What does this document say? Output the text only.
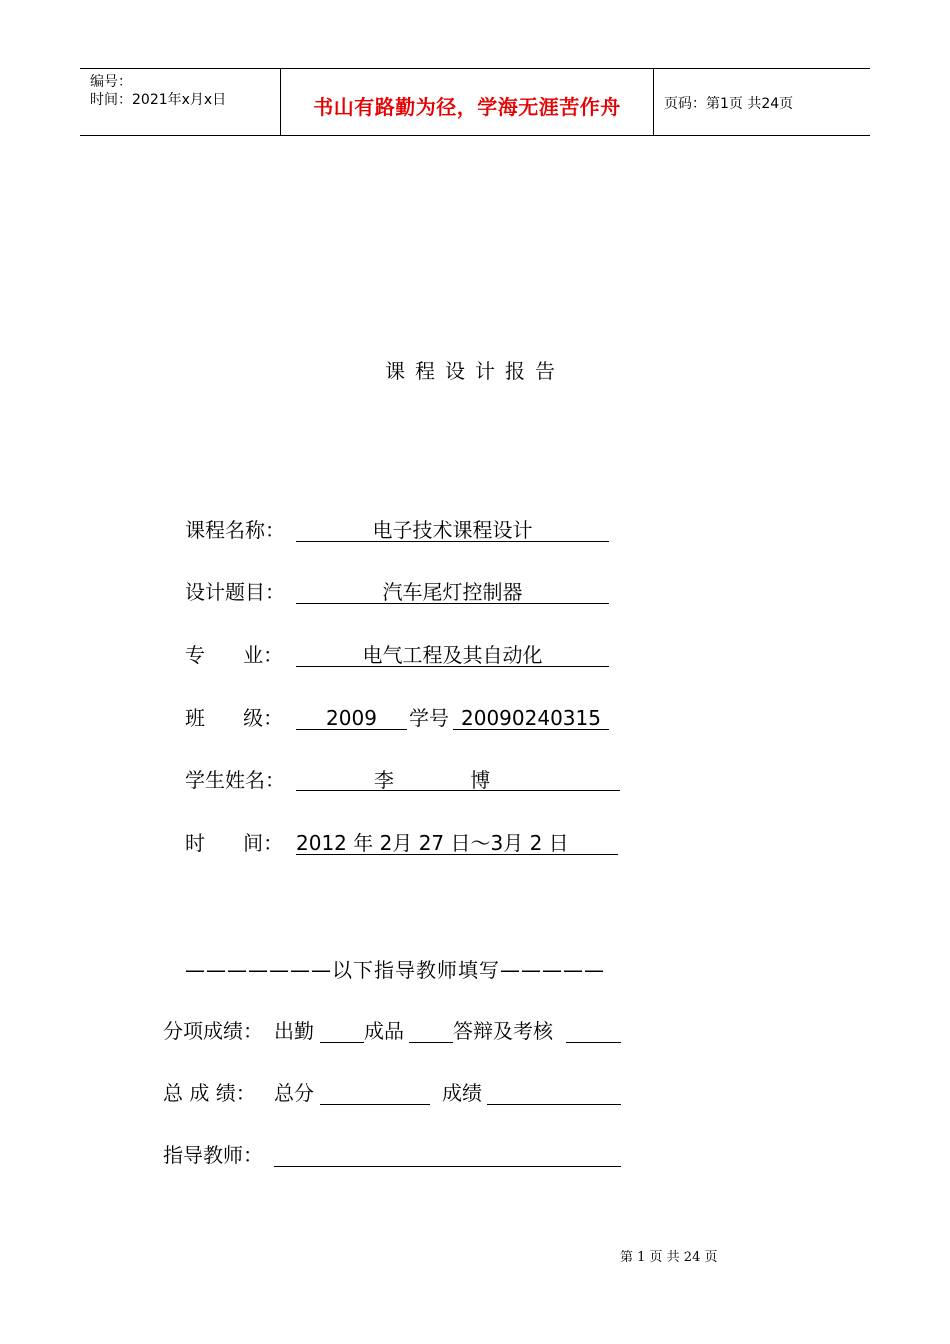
编号：
时间：2021年x月x日	书山有路勤为径，学海无涯苦作舟	页码：第1页 共24页
课程设计报告
课程名称：	电子技术课程设计
设计题目：	汽车尾灯控制器
专      业：	电气工程及其自动化
班      级：	2009	学号 20090240315
学生姓名：	李            博
时      间： 2012 年 2月 27 日～3月 2 日
———————以下指导教师填写—————
分项成绩： 出勤	成品 答辩及考核
总 成 绩： 总分	成绩
指导教师：
第 1 页 共 24 页
